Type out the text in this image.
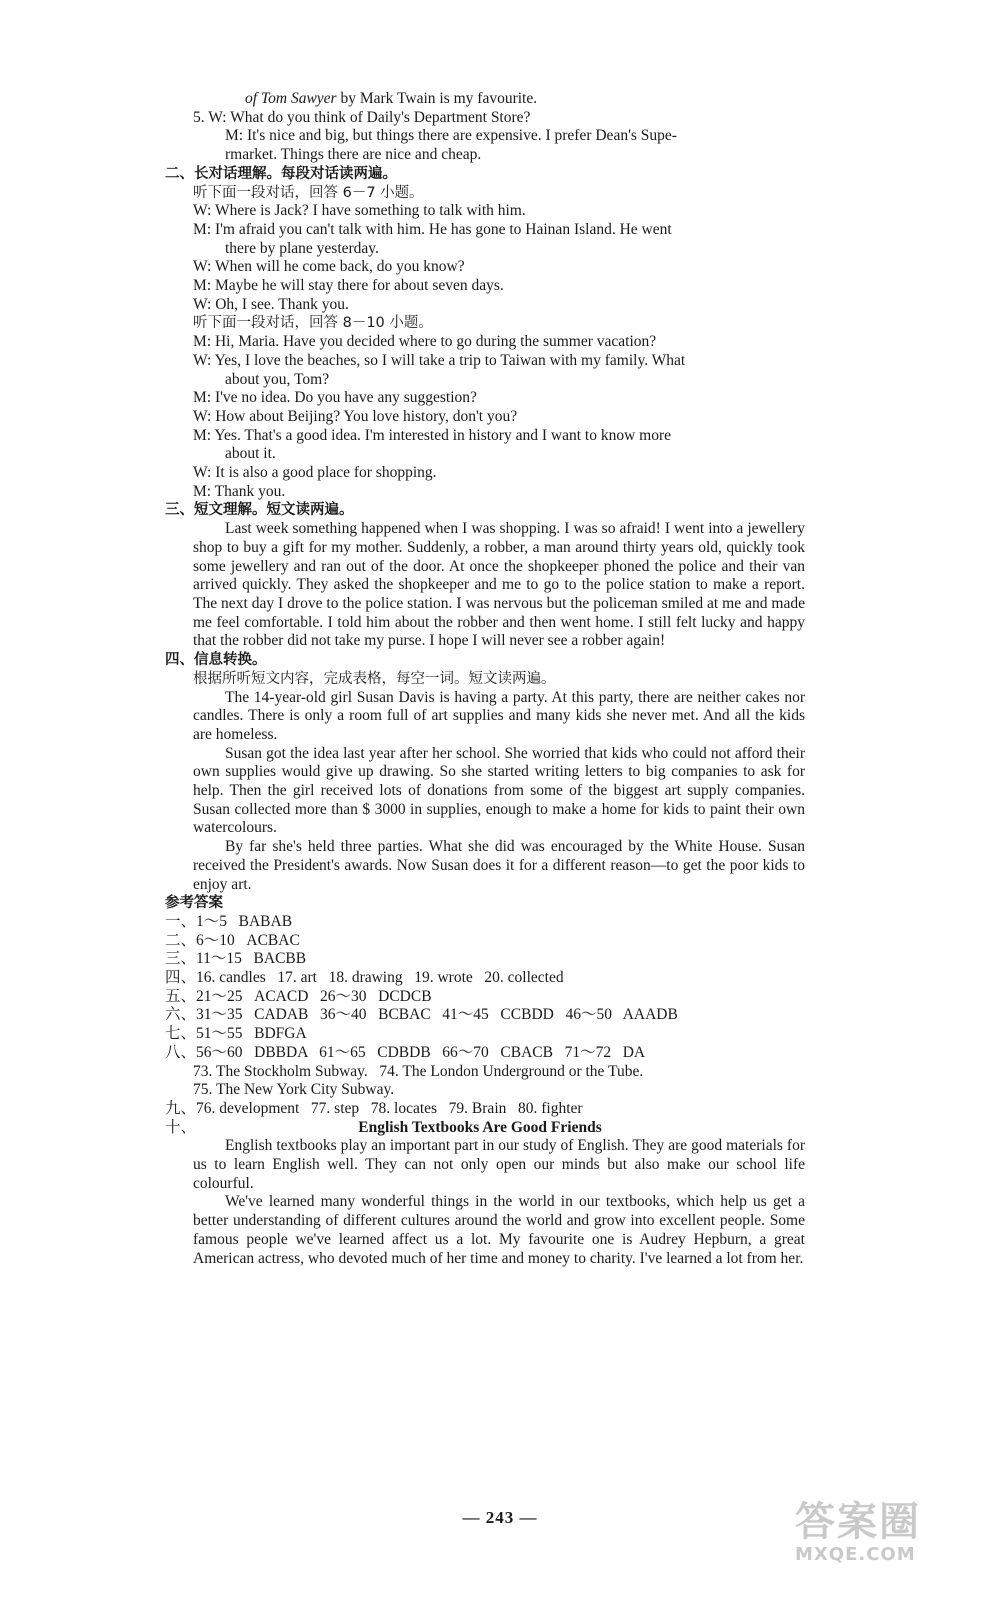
of Tom Sawyer by Mark Twain is my favourite.
5. W: What do you think of Daily's Department Store?
M: It's nice and big, but things there are expensive. I prefer Dean's Supe-
rmarket. Things there are nice and cheap.
二、长对话理解。每段对话读两遍。
听下面一段对话，回答 6－7 小题。
W: Where is Jack? I have something to talk with him.
M: I'm afraid you can't talk with him. He has gone to Hainan Island. He went
there by plane yesterday.
W: When will he come back, do you know?
M: Maybe he will stay there for about seven days.
W: Oh, I see. Thank you.
听下面一段对话，回答 8－10 小题。
M: Hi, Maria. Have you decided where to go during the summer vacation?
W: Yes, I love the beaches, so I will take a trip to Taiwan with my family. What
about you, Tom?
M: I've no idea. Do you have any suggestion?
W: How about Beijing? You love history, don't you?
M: Yes. That's a good idea. I'm interested in history and I want to know more
about it.
W: It is also a good place for shopping.
M: Thank you.
三、短文理解。短文读两遍。
Last week something happened when I was shopping. I was so afraid! I went into a jewellery shop to buy a gift for my mother. Suddenly, a robber, a man around thirty years old, quickly took some jewellery and ran out of the door. At once the shopkeeper phoned the police and their van arrived quickly. They asked the shopkeeper and me to go to the police station to make a report. The next day I drove to the police station. I was nervous but the policeman smiled at me and made me feel comfortable. I told him about the robber and then went home. I still felt lucky and happy that the robber did not take my purse. I hope I will never see a robber again!
四、信息转换。
根据所听短文内容，完成表格，每空一词。短文读两遍。
The 14-year-old girl Susan Davis is having a party. At this party, there are neither cakes nor candles. There is only a room full of art supplies and many kids she never met. And all the kids are homeless.
Susan got the idea last year after her school. She worried that kids who could not afford their own supplies would give up drawing. So she started writing letters to big companies to ask for help. Then the girl received lots of donations from some of the biggest art supply companies. Susan collected more than $ 3000 in supplies, enough to make a home for kids to paint their own watercolours.
By far she's held three parties. What she did was encouraged by the White House. Susan received the President's awards. Now Susan does it for a different reason—to get the poor kids to enjoy art.
参考答案
一、1～5   BABAB
二、6～10   ACBAC
三、11～15   BACBB
四、16. candles   17. art   18. drawing   19. wrote   20. collected
五、21～25   ACACD   26～30   DCDCB
六、31～35   CADAB   36～40   BCBAC   41～45   CCBDD   46～50   AAADB
七、51～55   BDFGA
八、56～60   DBBDA   61～65   CDBDB   66～70   CBACB   71～72   DA
73. The Stockholm Subway.   74. The London Underground or the Tube.
75. The New York City Subway.
九、76. development   77. step   78. locates   79. Brain   80. fighter
十、	English Textbooks Are Good Friends
English textbooks play an important part in our study of English. They are good materials for us to learn English well. They can not only open our minds but also make our school life colourful.
We've learned many wonderful things in the world in our textbooks, which help us get a better understanding of different cultures around the world and grow into excellent people. Some famous people we've learned affect us a lot. My favourite one is Audrey Hepburn, a great American actress, who devoted much of her time and money to charity. I've learned a lot from her.
— 243 —	答案圈
MXQE.COM
